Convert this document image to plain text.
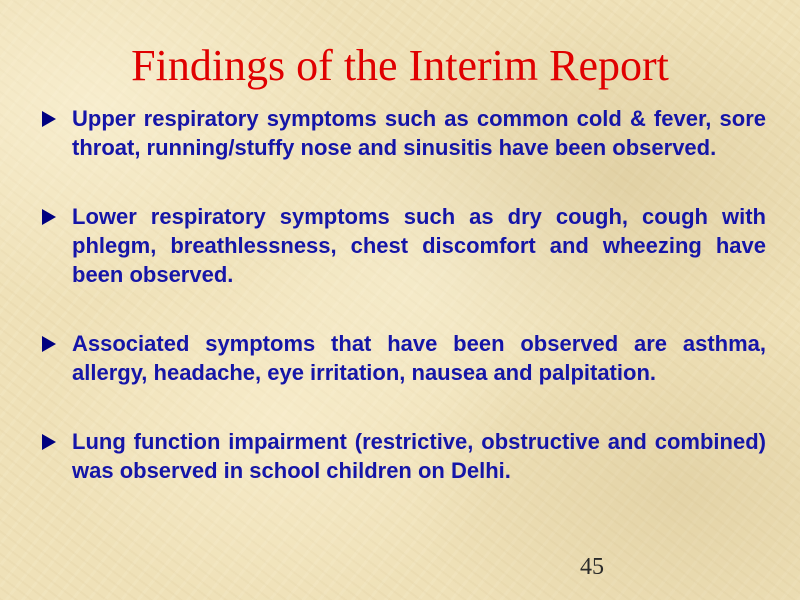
Findings of the Interim Report
Upper respiratory symptoms such as common cold & fever, sore throat, running/stuffy nose and sinusitis have been observed.
Lower respiratory symptoms such as dry cough, cough with phlegm, breathlessness, chest discomfort and wheezing have been observed.
Associated symptoms that have been observed are asthma, allergy, headache, eye irritation, nausea and palpitation.
Lung function impairment (restrictive, obstructive and combined) was observed in school children on Delhi.
45
